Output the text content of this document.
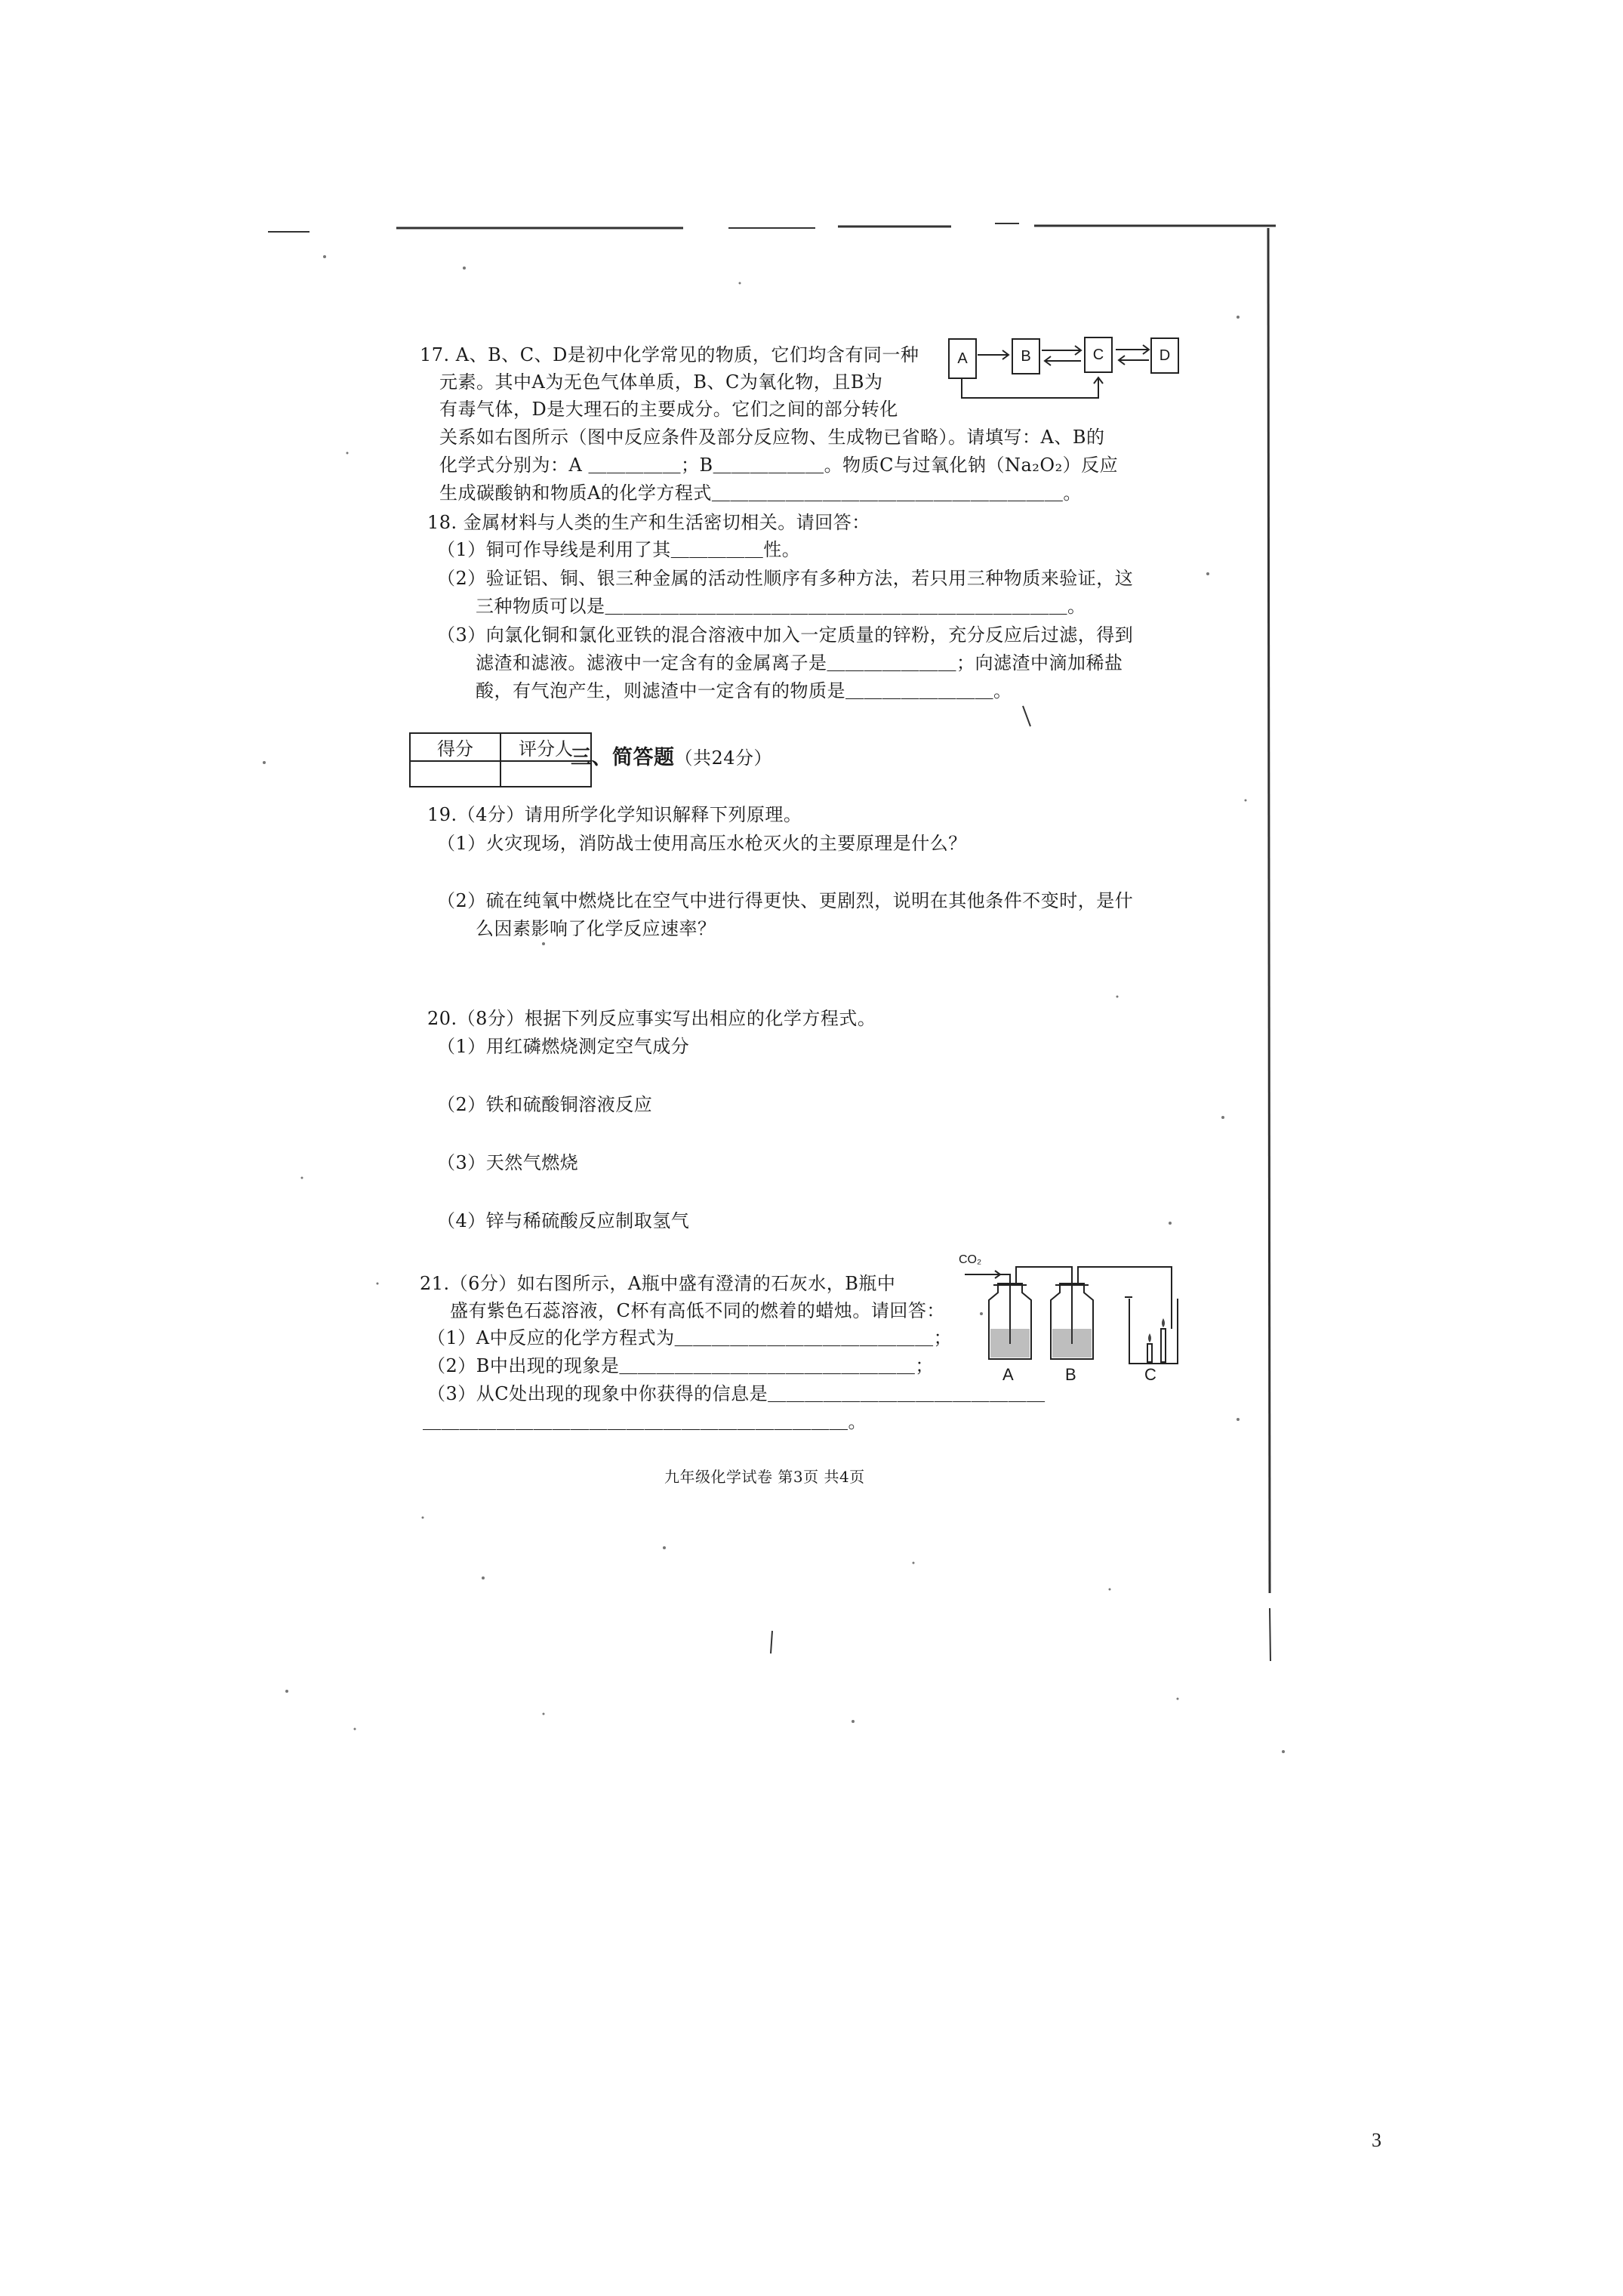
17. A、B、C、D是初中化学常见的物质，它们均含有同一种
元素。其中A为无色气体单质，B、C为氧化物，且B为
有毒气体，D是大理石的主要成分。它们之间的部分转化
关系如右图所示（图中反应条件及部分反应物、生成物已省略）。请填写：A、B的
化学式分别为：A ＿＿＿＿＿；B＿＿＿＿＿＿。物质C与过氧化钠（Na₂O₂）反应
生成碳酸钠和物质A的化学方程式＿＿＿＿＿＿＿＿＿＿＿＿＿＿＿＿＿＿＿。
A	B	C	D
18. 金属材料与人类的生产和生活密切相关。请回答：
（1）铜可作导线是利用了其＿＿＿＿＿性。
（2）验证铝、铜、银三种金属的活动性顺序有多种方法，若只用三种物质来验证，这
三种物质可以是＿＿＿＿＿＿＿＿＿＿＿＿＿＿＿＿＿＿＿＿＿＿＿＿＿。
（3）向氯化铜和氯化亚铁的混合溶液中加入一定质量的锌粉，充分反应后过滤，得到
滤渣和滤液。滤液中一定含有的金属离子是＿＿＿＿＿＿＿；向滤渣中滴加稀盐
酸，有气泡产生，则滤渣中一定含有的物质是＿＿＿＿＿＿＿＿。
得分	评分人

三、简答题（共24分）
19.（4分）请用所学化学知识解释下列原理。
（1）火灾现场，消防战士使用高压水枪灭火的主要原理是什么？
（2）硫在纯氧中燃烧比在空气中进行得更快、更剧烈，说明在其他条件不变时，是什
么因素影响了化学反应速率？
20.（8分）根据下列反应事实写出相应的化学方程式。
（1）用红磷燃烧测定空气成分
（2）铁和硫酸铜溶液反应
（3）天然气燃烧
（4）锌与稀硫酸反应制取氢气
21.（6分）如右图所示，A瓶中盛有澄清的石灰水，B瓶中
盛有紫色石蕊溶液，C杯有高低不同的燃着的蜡烛。请回答：
（1）A中反应的化学方程式为＿＿＿＿＿＿＿＿＿＿＿＿＿＿；
（2）B中出现的现象是＿＿＿＿＿＿＿＿＿＿＿＿＿＿＿＿；
（3）从C处出现的现象中你获得的信息是＿＿＿＿＿＿＿＿＿＿＿＿＿＿＿
＿＿＿＿＿＿＿＿＿＿＿＿＿＿＿＿＿＿＿＿＿＿＿。
CO₂
A	B	C
九年级化学试卷 第3页 共4页
3
